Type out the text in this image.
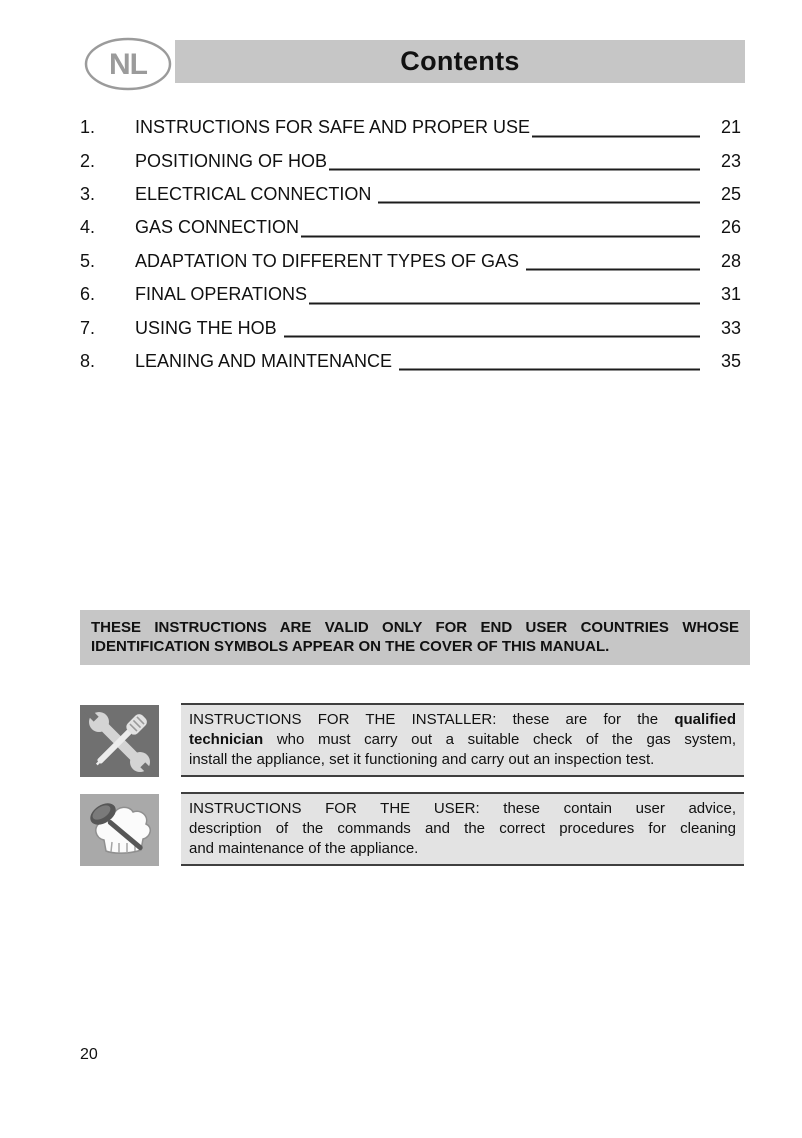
NL	Contents
1.	INSTRUCTIONS FOR SAFE AND PROPER USE	21
2.	POSITIONING OF HOB	23
3.	ELECTRICAL CONNECTION	25
4.	GAS CONNECTION	26
5.	ADAPTATION TO DIFFERENT TYPES OF GAS	28
6.	FINAL OPERATIONS	31
7.	USING THE HOB	33
8.	LEANING AND MAINTENANCE	35
THESE INSTRUCTIONS ARE VALID ONLY FOR END USER COUNTRIES WHOSE
IDENTIFICATION SYMBOLS APPEAR ON THE COVER OF THIS MANUAL.
INSTRUCTIONS FOR THE INSTALLER: these are for the qualified
technician who must carry out a suitable check of the gas system,
install the appliance, set it functioning and carry out an inspection test.
INSTRUCTIONS FOR THE USER: these contain user advice,
description of the commands and the correct procedures for cleaning
and maintenance of the appliance.
20
